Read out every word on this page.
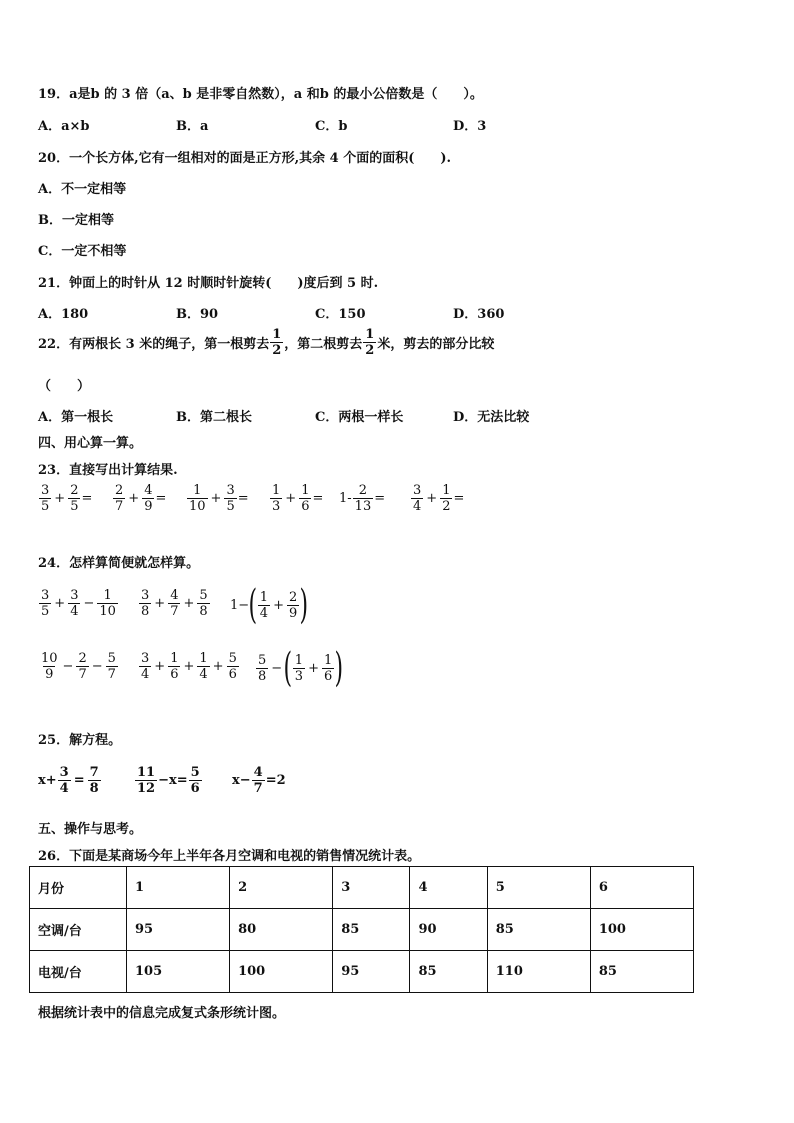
19．a是b 的 3 倍（a、b 是非零自然数），a 和b 的最小公倍数是（　　）。
A．a×b	B．a	C．b	D．3
20．一个长方体,它有一组相对的面是正方形,其余 4 个面的面积(　　).
A．不一定相等
B．一定相等
C．一定不相等
21．钟面上的时针从 12 时顺时针旋转(　　)度后到 5 时.
A．180	B．90	C．150	D．360
22．有两根长 3 米的绳子，第一根剪去 $\frac{1}{2}$ ，第二根剪去 $\frac{1}{2}$ 米，剪去的部分比较
（　　）
A．第一根长	B．第二根长	C．两根一样长	D．无法比较
四、用心算一算。
23．直接写出计算结果.
$\frac{3}{5} + \frac{2}{5} = \frac{2}{7} + \frac{4}{9} = \frac{1}{10} + \frac{3}{5} = \frac{1}{3} + \frac{1}{6} = 1- \frac{2}{13} = \frac{3}{4} + \frac{1}{2}$ =
24．怎样算简便就怎样算。
$\frac{3}{5} + \frac{3}{4} - \frac{1}{10} \frac{3}{8} + \frac{4}{7} + \frac{5}{8} 1-$ ( $\frac{1}{4} + \frac{2}{9}$ )
$\frac{10}{9} - \frac{2}{7} - \frac{5}{7} \frac{3}{4} + \frac{1}{6} + \frac{1}{4} + \frac{5}{6} \frac{5}{8}$ − ( $\frac{1}{3} + \frac{1}{6}$ )
25．解方程。
$x+ \frac{3}{4} = \frac{7}{8}$	$\frac{11}{12} -x= \frac{5}{6} x- \frac{4}{7} =2$
五、操作与思考。
26．下面是某商场今年上半年各月空调和电视的销售情况统计表。
月份	1	2	3	4	5	6
空调/台	95	80	85	90	85	100
电视/台	105	100	95	85	110	85
根据统计表中的信息完成复式条形统计图。
